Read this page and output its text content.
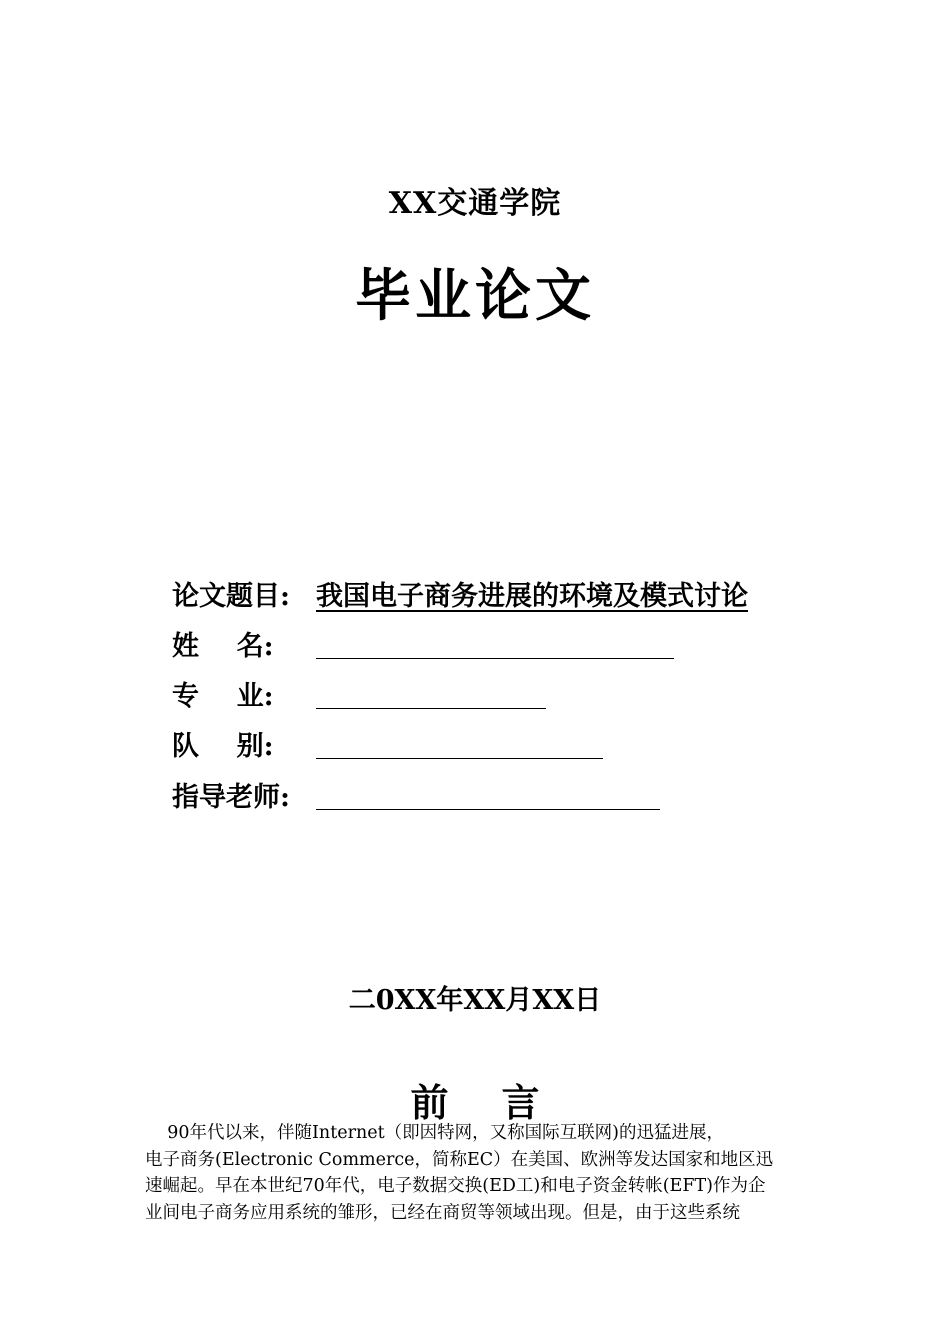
XX交通学院
毕业论文
论文题目: 我国电子商务进展的环境及模式讨论
姓    名:
专    业:
队    别:
指导老师:
二0XX年XX月XX日
前    言
90年代以来，伴随Internet（即因特网，又称国际互联网)的迅猛进展，
电子商务(Electronic Commerce，简称EC）在美国、欧洲等发达国家和地区迅
速崛起。早在本世纪70年代，电子数据交换(ED工)和电子资金转帐(EFT)作为企
业间电子商务应用系统的雏形，已经在商贸等领域出现。但是，由于这些系统
